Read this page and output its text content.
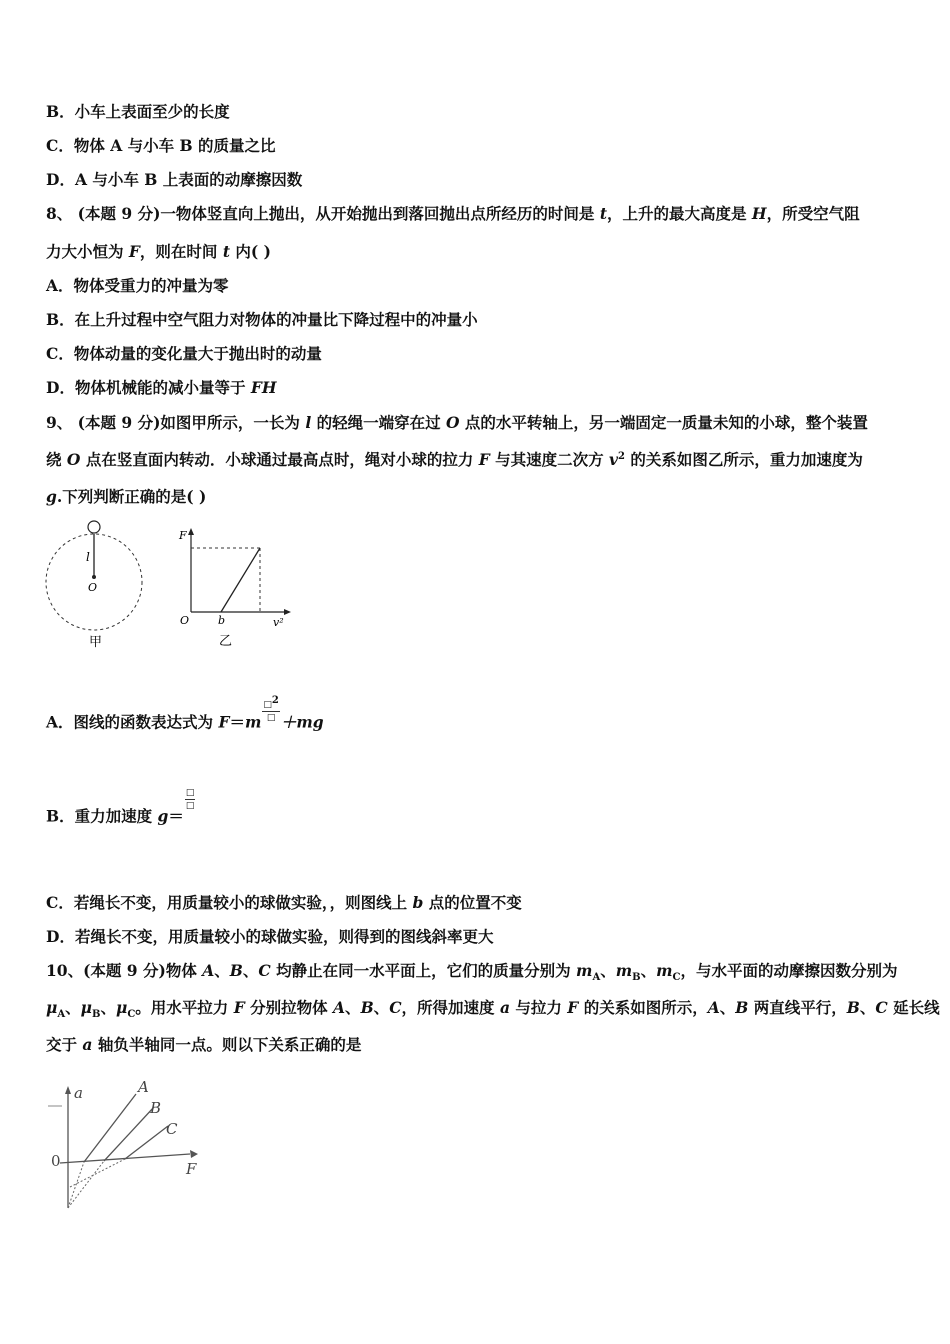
B．小车上表面至少的长度
C．物体 A 与小车 B 的质量之比
D．A 与小车 B 上表面的动摩擦因数
8、 (本题 9 分)一物体竖直向上抛出，从开始抛出到落回抛出点所经历的时间是 t，上升的最大高度是 H，所受空气阻
力大小恒为 F，则在时间 t 内( )
A．物体受重力的冲量为零
B．在上升过程中空气阻力对物体的冲量比下降过程中的冲量小
C．物体动量的变化量大于抛出时的动量
D．物体机械能的减小量等于 FH
9、 (本题 9 分)如图甲所示，一长为 l 的轻绳一端穿在过 O 点的水平转轴上，另一端固定一质量未知的小球，整个装置
绕 O 点在竖直面内转动．小球通过最高点时，绳对小球的拉力 F 与其速度二次方 $v^2$ 的关系如图乙所示，重力加速度为
g.下列判断正确的是( )
l
O
甲
F
O	b	v²
乙
A．图线的函数表达式为 $F=m \frac{□^2}{□} +mg$
B．重力加速度 g＝
$\frac{□}{□}$
C．若绳长不变，用质量较小的球做实验，，则图线上 b 点的位置不变
D．若绳长不变，用质量较小的球做实验，则得到的图线斜率更大
10、(本题 9 分)物体 A、B、C 均静止在同一水平面上，它们的质量分别为 $m_A$、$m_B$、$m_C$，与水平面的动摩擦因数分别为
$\mu_A$、$\mu_B$、$\mu_C$。用水平拉力 F 分别拉物体 A、B、C，所得加速度 a 与拉力 F 的关系如图所示，A、B 两直线平行，B、C 延长线
交于 a 轴负半轴同一点。则以下关系正确的是
a
0	F
A
B
C
